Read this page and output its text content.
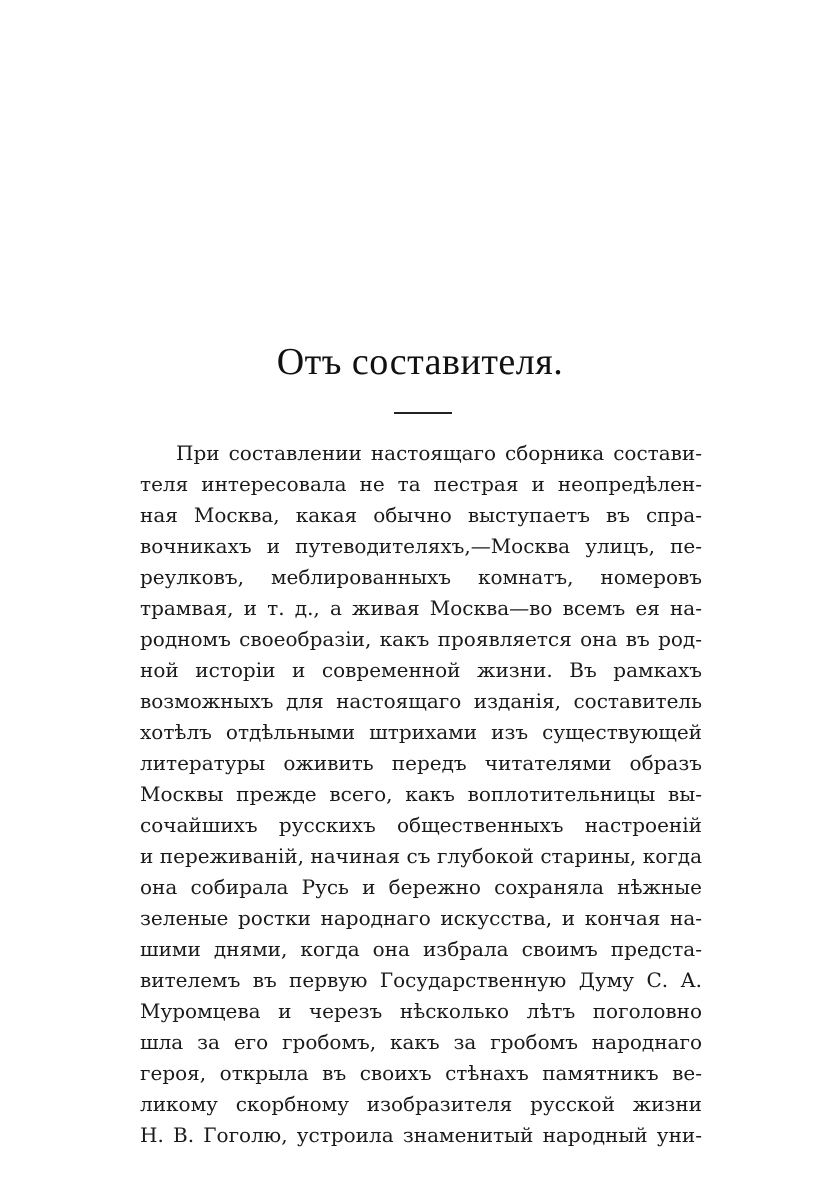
Отъ составителя.
При составлении настоящаго сборника состави-
теля интересовала не та пестрая и неопредѣлен-
ная Москва, какая обычно выступаетъ въ спра-
вочникахъ и путеводителяхъ,—Москва улицъ, пе-
реулковъ, меблированныхъ комнатъ, номеровъ
трамвая, и т. д., а живая Москва—во всемъ ея на-
родномъ своеобразіи, какъ проявляется она въ род-
ной исторіи и современной жизни. Въ рамкахъ
возможныхъ для настоящаго изданія, составитель
хотѣлъ отдѣльными штрихами изъ существующей
литературы оживить передъ читателями образъ
Москвы прежде всего, какъ воплотительницы вы-
сочайшихъ русскихъ общественныхъ настроеній
и переживаній, начиная съ глубокой старины, когда
она собирала Русь и бережно сохраняла нѣжные
зеленые ростки народнаго искусства, и кончая на-
шими днями, когда она избрала своимъ предста-
вителемъ въ первую Государственную Думу С. А.
Муромцева и черезъ нѣсколько лѣтъ поголовно
шла за его гробомъ, какъ за гробомъ народнаго
героя, открыла въ своихъ стѣнахъ памятникъ ве-
ликому скорбному изобразителя русской жизни
Н. В. Гоголю, устроила знаменитый народный уни-
